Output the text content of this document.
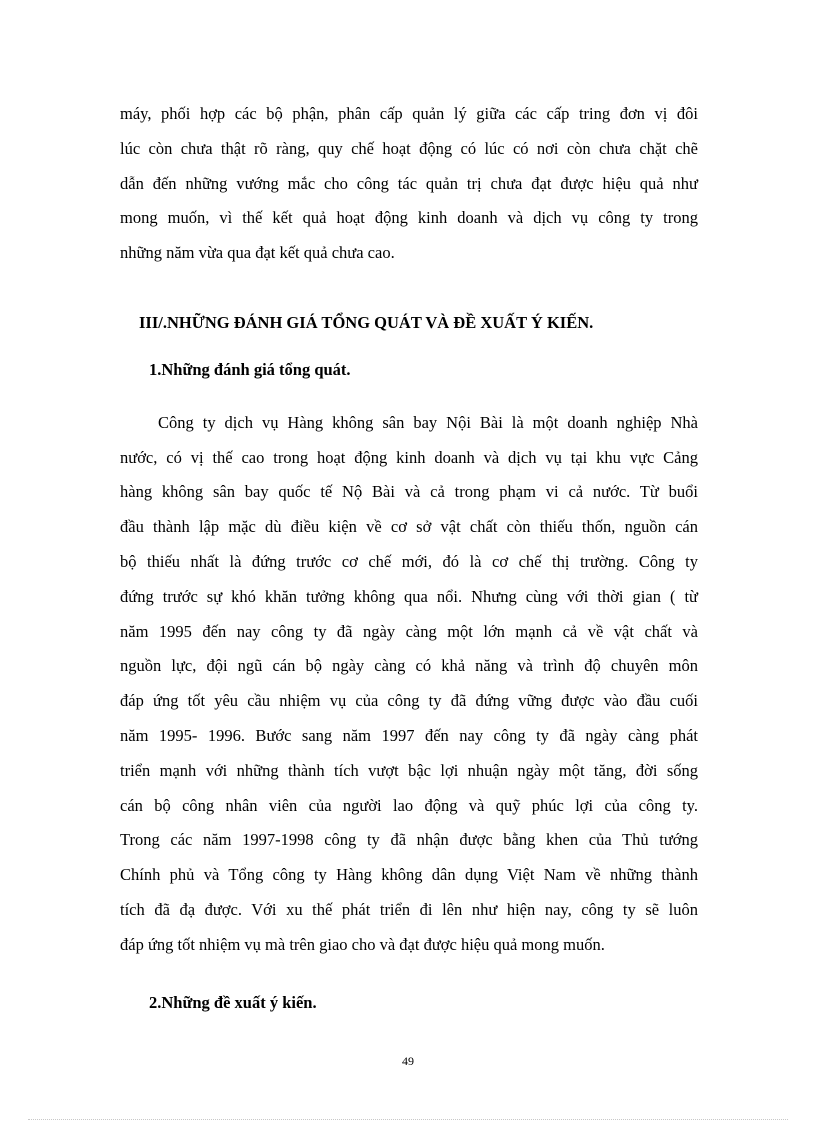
máy, phối hợp các bộ phận, phân cấp quản lý giữa các cấp tring đơn vị đôi
lúc còn chưa thật rõ ràng, quy chế hoạt động có lúc có nơi còn chưa chặt chẽ
dẫn đến những vướng mắc cho công tác quản trị chưa đạt được hiệu quả như
mong muốn, vì thế kết quả hoạt động kinh doanh và dịch vụ công ty trong
những năm vừa qua đạt kết quả chưa cao.
III/.NHỮNG ĐÁNH GIÁ TỔNG QUÁT VÀ ĐỀ XUẤT Ý KIẾN.
1.Những đánh giá tổng quát.
Công ty dịch vụ Hàng không sân bay Nội Bài là một doanh nghiệp Nhà
nước, có vị thế cao trong hoạt động kinh doanh và dịch vụ tại khu vực Cảng
hàng không sân bay quốc tế Nộ Bài và cả trong phạm vi cả nước. Từ buổi
đầu thành lập mặc dù điều kiện về cơ sở vật chất còn thiếu thốn, nguồn cán
bộ thiếu nhất là đứng trước cơ chế mới, đó là cơ chế thị trường. Công ty
đứng trước sự khó khăn tưởng không qua nổi. Nhưng cùng với thời gian ( từ
năm 1995 đến nay công ty đã ngày càng một lớn mạnh cả về vật chất và
nguồn lực, đội ngũ cán bộ ngày càng có khả năng và trình độ chuyên môn
đáp ứng tốt yêu cầu nhiệm vụ của công ty đã đứng vững được vào đầu cuối
năm 1995- 1996. Bước sang năm 1997 đến nay công ty đã ngày càng phát
triển mạnh với những thành tích vượt bậc lợi nhuận ngày một tăng, đời sống
cán bộ công nhân viên của người lao động và quỹ phúc lợi của công ty.
Trong các năm 1997-1998 công ty đã nhận được bằng khen của Thủ tướng
Chính phủ và Tổng công ty Hàng không dân dụng Việt Nam về những thành
tích đã đạ được. Với xu thế phát triển đi lên như hiện nay, công ty sẽ luôn
đáp ứng tốt nhiệm vụ mà trên giao cho và đạt được hiệu quả mong muốn.
2.Những đề xuất ý kiến.
49
